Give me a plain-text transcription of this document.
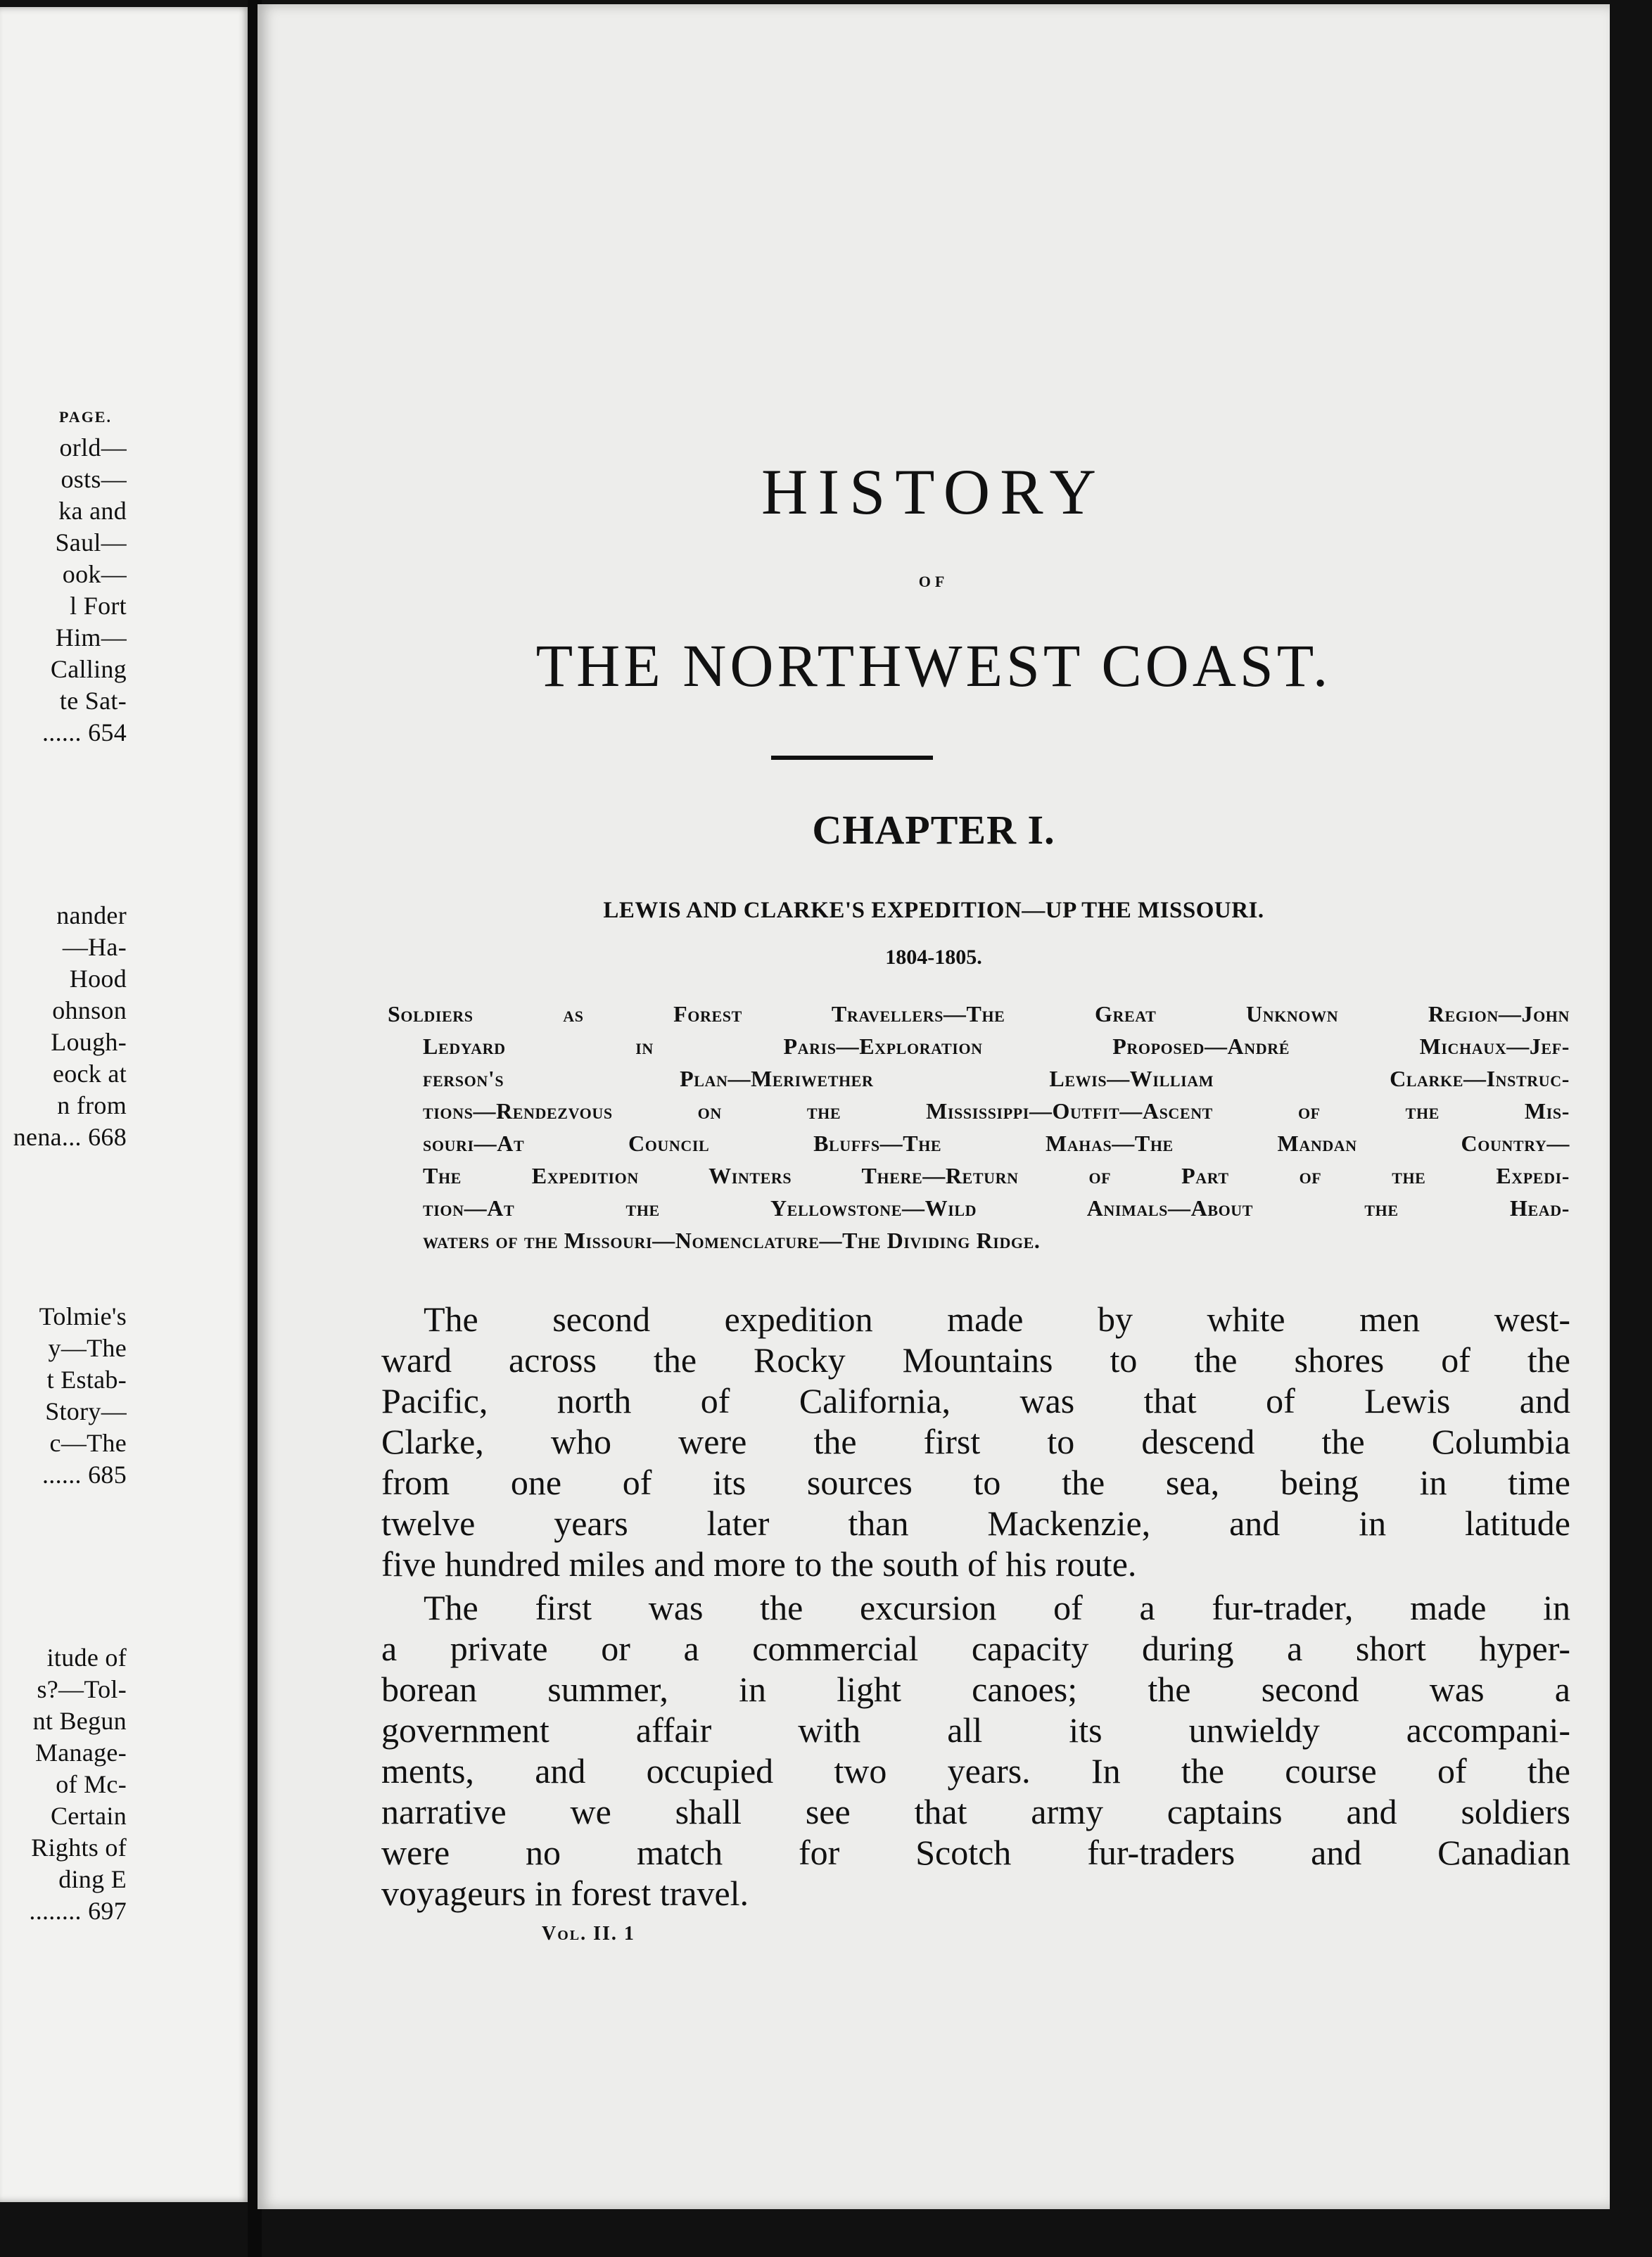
PAGE.
orld—
osts—
ka and
Saul—
ook—
l Fort
Him—
Calling
te Sat-
...... 654
nander
—Ha-
Hood
ohnson
Lough-
eock at
n from
nena... 668
Tolmie's
y—The
t Estab-
Story—
c—The
...... 685
itude of
s?—Tol-
nt Begun
Manage-
of Mc-
Certain
Rights of
ding E
........ 697
HISTORY
OF
THE NORTHWEST COAST.
CHAPTER I.
LEWIS AND CLARKE'S EXPEDITION—UP THE MISSOURI.
1804-1805.
Soldiers as Forest Travellers—The Great Unknown Region—John
Ledyard in Paris—Exploration Proposed—André Michaux—Jef-
ferson's Plan—Meriwether Lewis—William Clarke—Instruc-
tions—Rendezvous on the Mississippi—Outfit—Ascent of the Mis-
souri—At Council Bluffs—The Mahas—The Mandan Country—
The Expedition Winters There—Return of Part of the Expedi-
tion—At the Yellowstone—Wild Animals—About the Head-
waters of the Missouri—Nomenclature—The Dividing Ridge.
The second expedition made by white men west-
ward across the Rocky Mountains to the shores of the
Pacific, north of California, was that of Lewis and
Clarke, who were the first to descend the Columbia
from one of its sources to the sea, being in time
twelve years later than Mackenzie, and in latitude
five hundred miles and more to the south of his route.
The first was the excursion of a fur-trader, made in
a private or a commercial capacity during a short hyper-
borean summer, in light canoes; the second was a
government affair with all its unwieldy accompani-
ments, and occupied two years. In the course of the
narrative we shall see that army captains and soldiers
were no match for Scotch fur-traders and Canadian
voyageurs in forest travel.
Vol. II. 1
